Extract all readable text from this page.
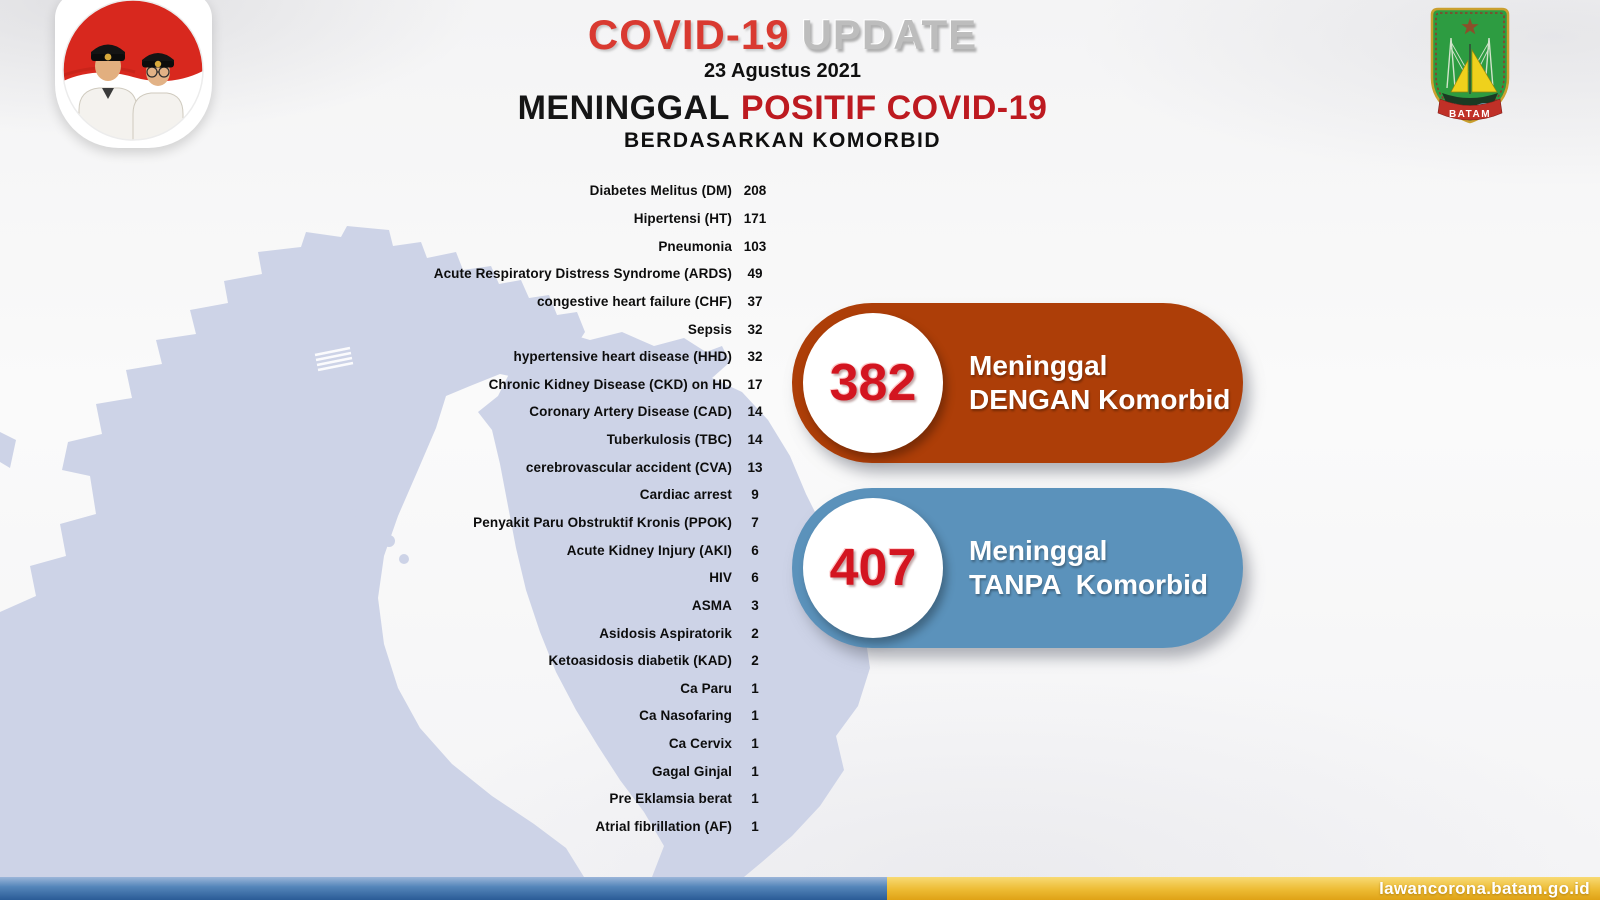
COVID-19 UPDATE
23 Agustus 2021
MENINGGAL POSITIF COVID-19
BERDASARKAN KOMORBID
BATAM
Diabetes Melitus (DM) 208
Hipertensi (HT) 171
Pneumonia 103
Acute Respiratory Distress Syndrome (ARDS)	49
congestive heart failure (CHF)	37
Sepsis	32
hypertensive heart disease (HHD)	32
Chronic Kidney Disease (CKD) on HD	17
Coronary Artery Disease (CAD)	14
Tuberkulosis (TBC)	14
cerebrovascular accident (CVA)	13
Cardiac arrest	9
Penyakit Paru Obstruktif Kronis (PPOK)	7
Acute Kidney Injury (AKI)	6
HIV	6
ASMA	3
Asidosis Aspiratorik	2
Ketoasidosis diabetik (KAD)	2
Ca Paru	1
Ca Nasofaring	1
Ca Cervix	1
Gagal Ginjal	1
Pre Eklamsia berat	1
Atrial fibrillation (AF)	1
382 Meninggal
DENGAN Komorbid
407 Meninggal
TANPA  Komorbid
lawancorona.batam.go.id
